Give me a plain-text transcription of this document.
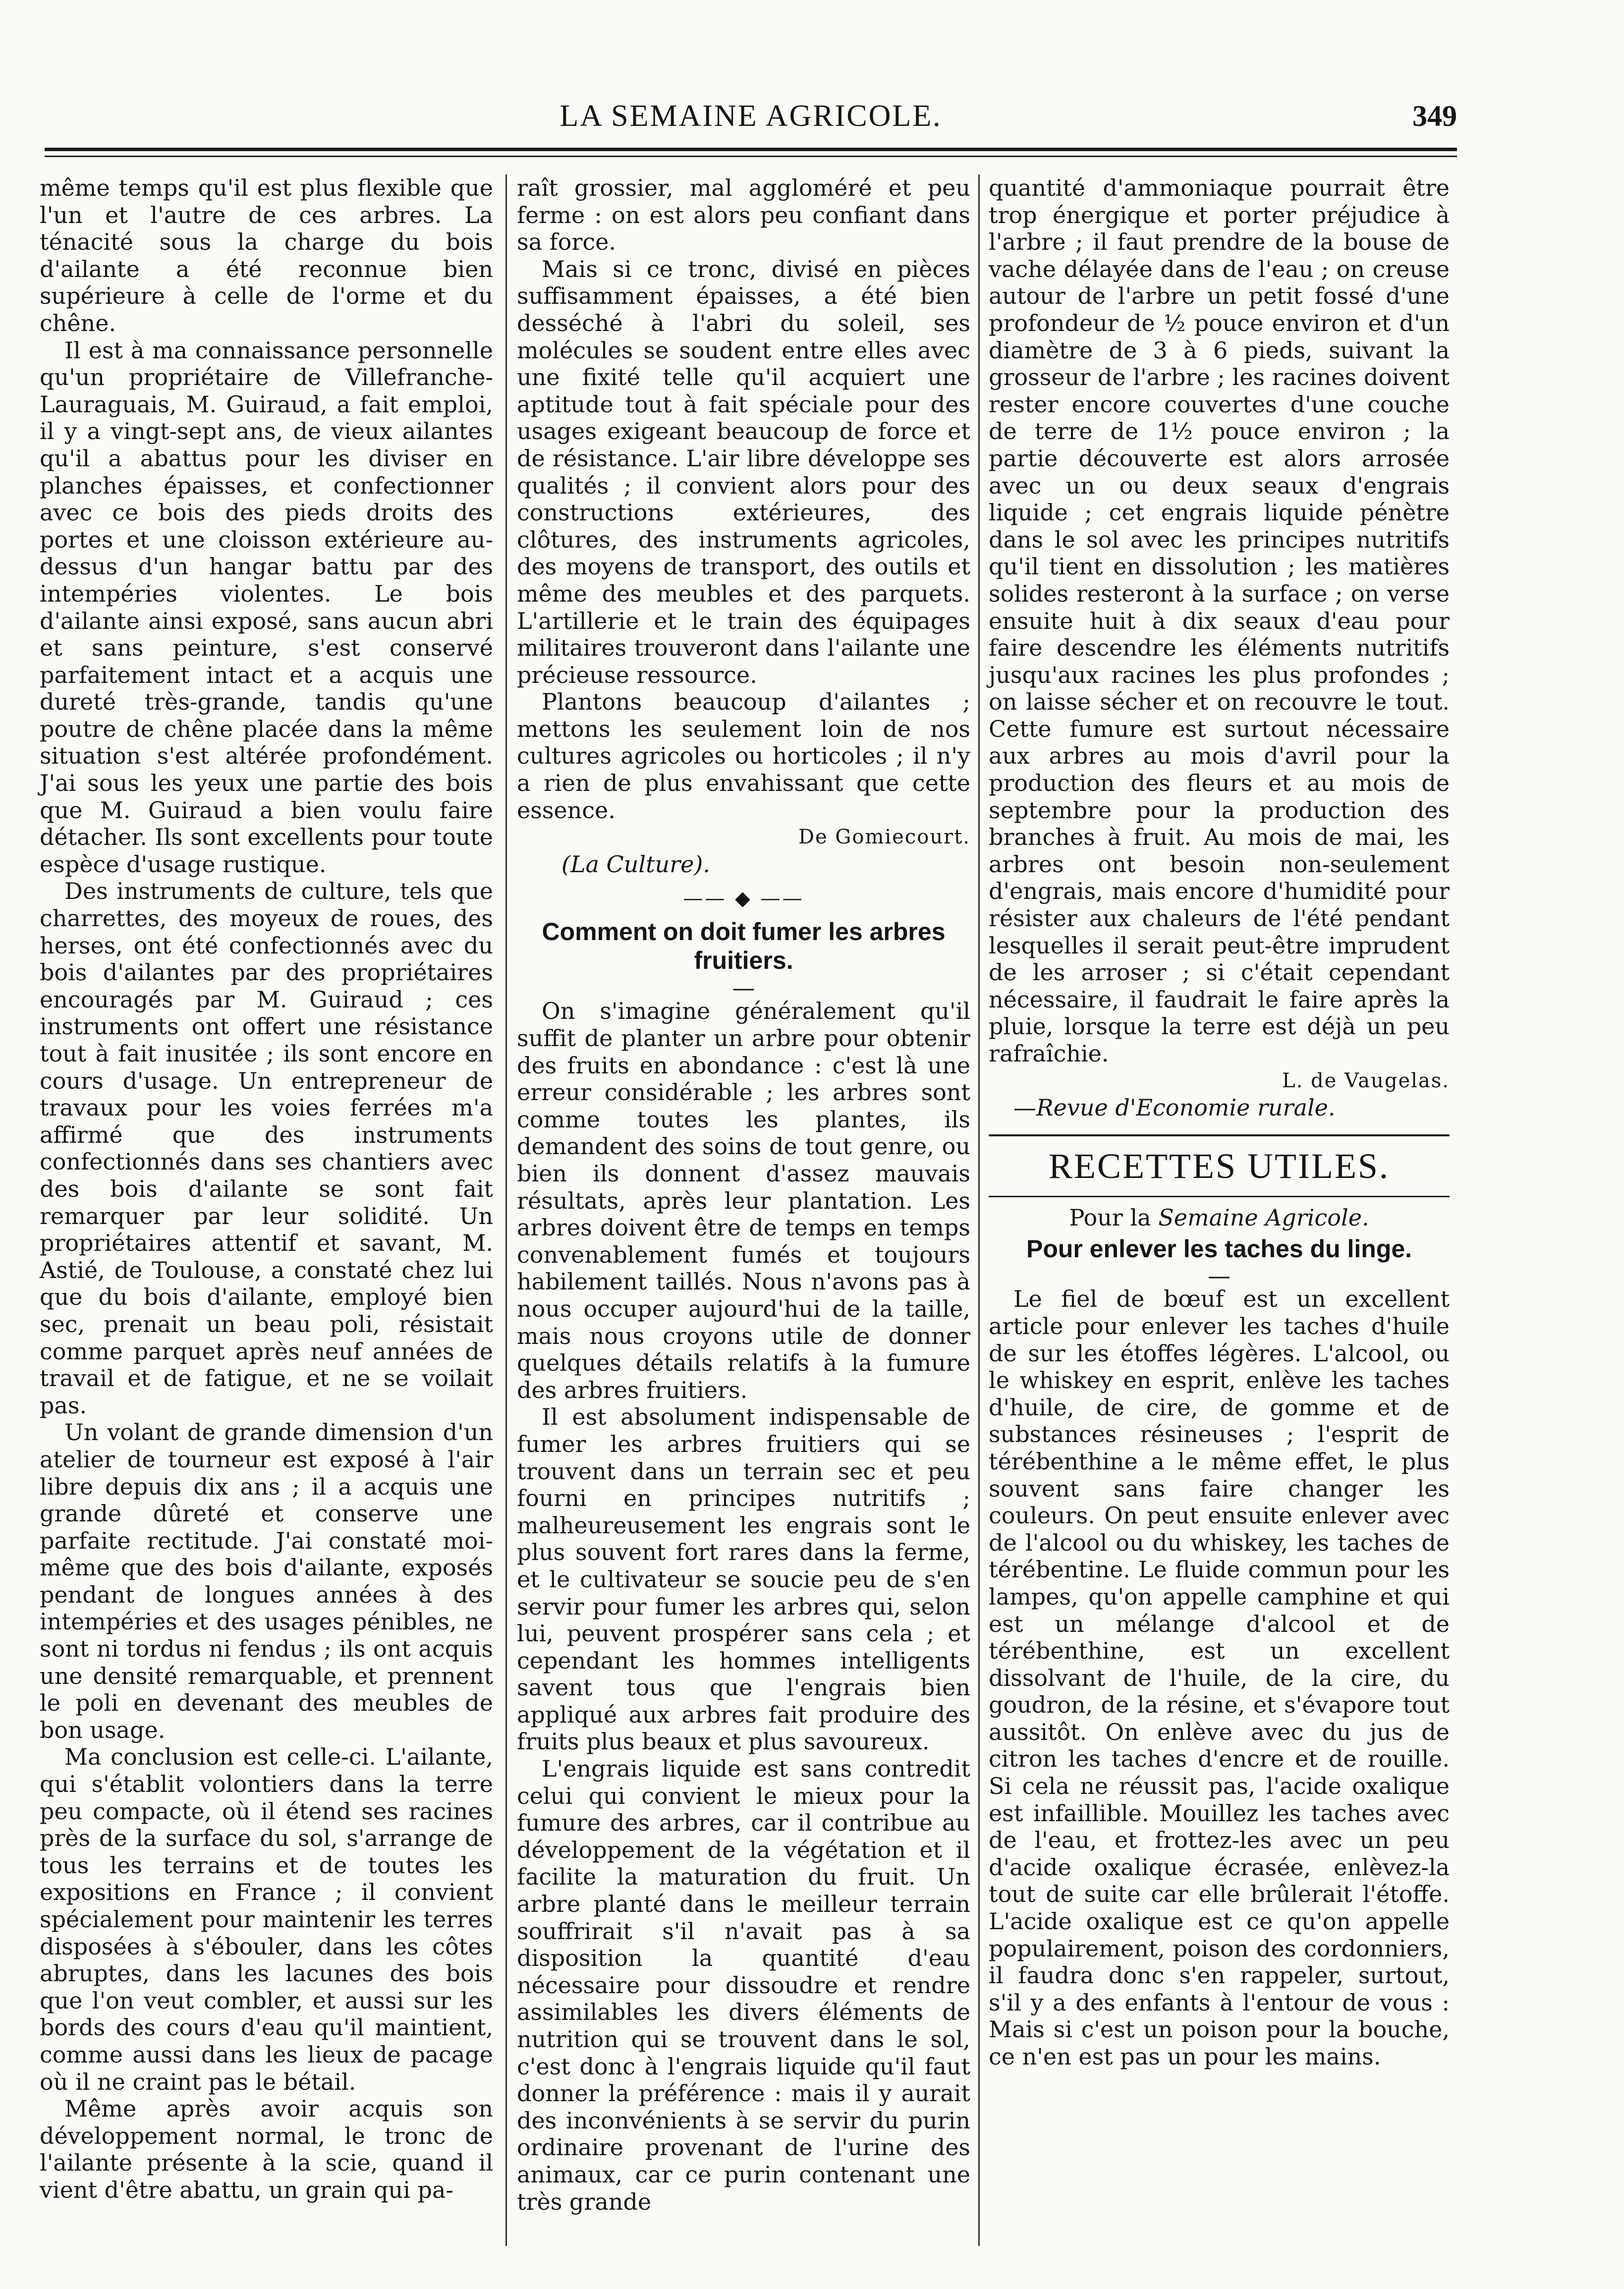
LA SEMAINE AGRICOLE.	349

même temps qu'il est plus flexible que l'un et l'autre de ces arbres. La ténacité sous la charge du bois d'ailante a été reconnue bien supérieure à celle de l'orme et du chêne.

Il est à ma connaissance personnelle qu'un propriétaire de Villefranche-Lauraguais, M. Guiraud, a fait emploi, il y a vingt-sept ans, de vieux ailantes qu'il a abattus pour les diviser en planches épaisses, et confectionner avec ce bois des pieds droits des portes et une cloisson extérieure au-dessus d'un hangar battu par des intempéries violentes. Le bois d'ailante ainsi exposé, sans aucun abri et sans peinture, s'est conservé parfaitement intact et a acquis une dureté très-grande, tandis qu'une poutre de chêne placée dans la même situation s'est altérée profondément. J'ai sous les yeux une partie des bois que M. Guiraud a bien voulu faire détacher. Ils sont excellents pour toute espèce d'usage rustique.

Des instruments de culture, tels que charrettes, des moyeux de roues, des herses, ont été confectionnés avec du bois d'ailantes par des propriétaires encouragés par M. Guiraud ; ces instruments ont offert une résistance tout à fait inusitée ; ils sont encore en cours d'usage. Un entrepreneur de travaux pour les voies ferrées m'a affirmé que des instruments confectionnés dans ses chantiers avec des bois d'ailante se sont fait remarquer par leur solidité. Un propriétaires attentif et savant, M. Astié, de Toulouse, a constaté chez lui que du bois d'ailante, employé bien sec, prenait un beau poli, résistait comme parquet après neuf années de travail et de fatigue, et ne se voilait pas.

Un volant de grande dimension d'un atelier de tourneur est exposé à l'air libre depuis dix ans ; il a acquis une grande dûreté et conserve une parfaite rectitude. J'ai constaté moi-même que des bois d'ailante, exposés pendant de longues années à des intempéries et des usages pénibles, ne sont ni tordus ni fendus ; ils ont acquis une densité remarquable, et prennent le poli en devenant des meubles de bon usage.

Ma conclusion est celle-ci. L'ailante, qui s'établit volontiers dans la terre peu compacte, où il étend ses racines près de la surface du sol, s'arrange de tous les terrains et de toutes les expositions en France ; il convient spécialement pour maintenir les terres disposées à s'ébouler, dans les côtes abruptes, dans les lacunes des bois que l'on veut combler, et aussi sur les bords des cours d'eau qu'il maintient, comme aussi dans les lieux de pacage où il ne craint pas le bétail.

Même après avoir acquis son développement normal, le tronc de l'ailante présente à la scie, quand il vient d'être abattu, un grain qui pa-

raît grossier, mal aggloméré et peu ferme : on est alors peu confiant dans sa force.

Mais si ce tronc, divisé en pièces suffisamment épaisses, a été bien desséché à l'abri du soleil, ses molécules se soudent entre elles avec une fixité telle qu'il acquiert une aptitude tout à fait spéciale pour des usages exigeant beaucoup de force et de résistance. L'air libre développe ses qualités ; il convient alors pour des constructions extérieures, des clôtures, des instruments agricoles, des moyens de transport, des outils et même des meubles et des parquets. L'artillerie et le train des équipages militaires trouveront dans l'ailante une précieuse ressource.

Plantons beaucoup d'ailantes ; mettons les seulement loin de nos cultures agricoles ou horticoles ; il n'y a rien de plus envahissant que cette essence.

De Gomiecourt.

(La Culture).

—— ◆ ——
Comment on doit fumer les arbres fruitiers.
—

On s'imagine généralement qu'il suffit de planter un arbre pour obtenir des fruits en abondance : c'est là une erreur considérable ; les arbres sont comme toutes les plantes, ils demandent des soins de tout genre, ou bien ils donnent d'assez mauvais résultats, après leur plantation. Les arbres doivent être de temps en temps convenablement fumés et toujours habilement taillés. Nous n'avons pas à nous occuper aujourd'hui de la taille, mais nous croyons utile de donner quelques détails relatifs à la fumure des arbres fruitiers.

Il est absolument indispensable de fumer les arbres fruitiers qui se trouvent dans un terrain sec et peu fourni en principes nutritifs ; malheureusement les engrais sont le plus souvent fort rares dans la ferme, et le cultivateur se soucie peu de s'en servir pour fumer les arbres qui, selon lui, peuvent prospérer sans cela ; et cependant les hommes intelligents savent tous que l'engrais bien appliqué aux arbres fait produire des fruits plus beaux et plus savoureux.

L'engrais liquide est sans contredit celui qui convient le mieux pour la fumure des arbres, car il contribue au développement de la végétation et il facilite la maturation du fruit. Un arbre planté dans le meilleur terrain souffrirait s'il n'avait pas à sa disposition la quantité d'eau nécessaire pour dissoudre et rendre assimilables les divers éléments de nutrition qui se trouvent dans le sol, c'est donc à l'engrais liquide qu'il faut donner la préférence : mais il y aurait des inconvénients à se servir du purin ordinaire provenant de l'urine des animaux, car ce purin contenant une très grande

quantité d'ammoniaque pourrait être trop énergique et porter préjudice à l'arbre ; il faut prendre de la bouse de vache délayée dans de l'eau ; on creuse autour de l'arbre un petit fossé d'une profondeur de ½ pouce environ et d'un diamètre de 3 à 6 pieds, suivant la grosseur de l'arbre ; les racines doivent rester encore couvertes d'une couche de terre de 1½ pouce environ ; la partie découverte est alors arrosée avec un ou deux seaux d'engrais liquide ; cet engrais liquide pénètre dans le sol avec les principes nutritifs qu'il tient en dissolution ; les matières solides resteront à la surface ; on verse ensuite huit à dix seaux d'eau pour faire descendre les éléments nutritifs jusqu'aux racines les plus profondes ; on laisse sécher et on recouvre le tout. Cette fumure est surtout nécessaire aux arbres au mois d'avril pour la production des fleurs et au mois de septembre pour la production des branches à fruit. Au mois de mai, les arbres ont besoin non-seulement d'engrais, mais encore d'humidité pour résister aux chaleurs de l'été pendant lesquelles il serait peut-être imprudent de les arroser ; si c'était cependant nécessaire, il faudrait le faire après la pluie, lorsque la terre est déjà un peu rafraîchie.

L. de Vaugelas.

—Revue d'Economie rurale.

RECETTES UTILES.
Pour la Semaine Agricole.
Pour enlever les taches du linge.
—

Le fiel de bœuf est un excellent article pour enlever les taches d'huile de sur les étoffes légères. L'alcool, ou le whiskey en esprit, enlève les taches d'huile, de cire, de gomme et de substances résineuses ; l'esprit de térébenthine a le même effet, le plus souvent sans faire changer les couleurs. On peut ensuite enlever avec de l'alcool ou du whiskey, les taches de térébentine. Le fluide commun pour les lampes, qu'on appelle camphine et qui est un mélange d'alcool et de térébenthine, est un excellent dissolvant de l'huile, de la cire, du goudron, de la résine, et s'évapore tout aussitôt. On enlève avec du jus de citron les taches d'encre et de rouille. Si cela ne réussit pas, l'acide oxalique est infaillible. Mouillez les taches avec de l'eau, et frottez-les avec un peu d'acide oxalique écrasée, enlèvez-la tout de suite car elle brûlerait l'étoffe. L'acide oxalique est ce qu'on appelle populairement, poison des cordonniers, il faudra donc s'en rappeler, surtout, s'il y a des enfants à l'entour de vous : Mais si c'est un poison pour la bouche, ce n'en est pas un pour les mains.
